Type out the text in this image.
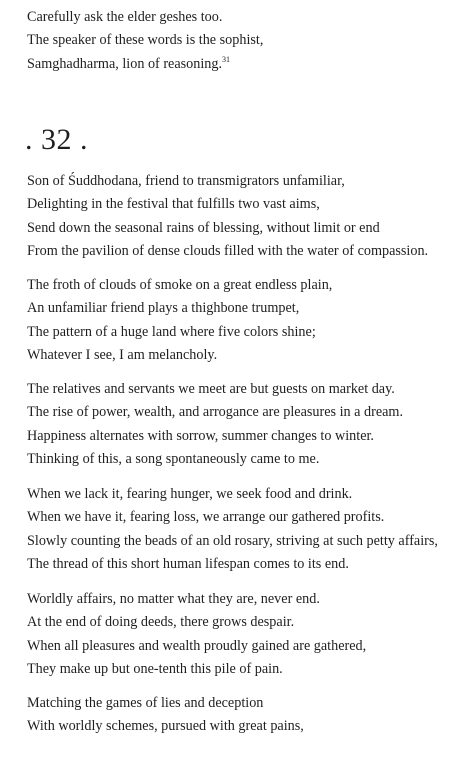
Carefully ask the elder geshes too.
The speaker of these words is the sophist,
Samghadharma, lion of reasoning.$^{31}$
. 32 .
Son of Śuddhodana, friend to transmigrators unfamiliar,
Delighting in the festival that fulfills two vast aims,
Send down the seasonal rains of blessing, without limit or end
From the pavilion of dense clouds filled with the water of compassion.
The froth of clouds of smoke on a great endless plain,
An unfamiliar friend plays a thighbone trumpet,
The pattern of a huge land where five colors shine;
Whatever I see, I am melancholy.
The relatives and servants we meet are but guests on market day.
The rise of power, wealth, and arrogance are pleasures in a dream.
Happiness alternates with sorrow, summer changes to winter.
Thinking of this, a song spontaneously came to me.
When we lack it, fearing hunger, we seek food and drink.
When we have it, fearing loss, we arrange our gathered profits.
Slowly counting the beads of an old rosary, striving at such petty affairs,
The thread of this short human lifespan comes to its end.
Worldly affairs, no matter what they are, never end.
At the end of doing deeds, there grows despair.
When all pleasures and wealth proudly gained are gathered,
They make up but one-tenth this pile of pain.
Matching the games of lies and deception
With worldly schemes, pursued with great pains,
